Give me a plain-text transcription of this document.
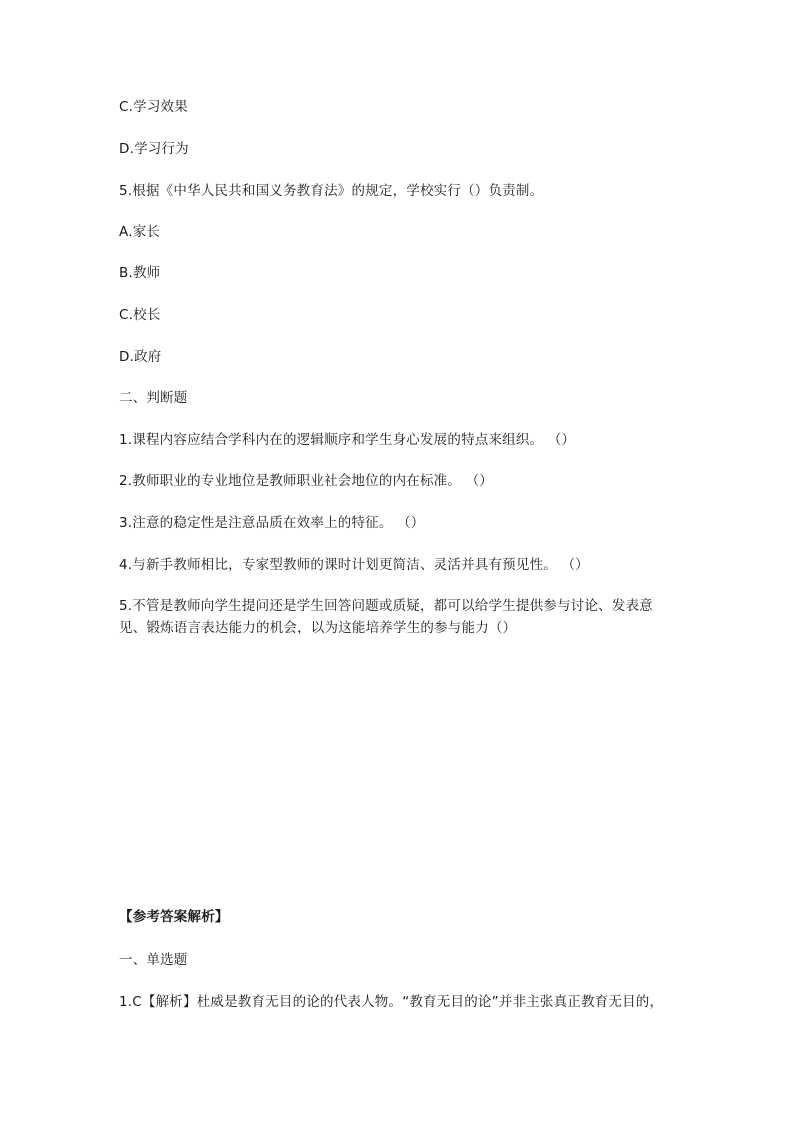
C.学习效果
D.学习行为
5.根据《中华人民共和国义务教育法》的规定，学校实行（）负责制。
A.家长
B.教师
C.校长
D.政府
二、判断题
1.课程内容应结合学科内在的逻辑顺序和学生身心发展的特点来组织。 （）
2.教师职业的专业地位是教师职业社会地位的内在标准。 （）
3.注意的稳定性是注意品质在效率上的特征。 （）
4.与新手教师相比，专家型教师的课时计划更简洁、灵活并具有预见性。 （）
5.不管是教师向学生提问还是学生回答问题或质疑，都可以给学生提供参与讨论、发表意见、锻炼语言表达能力的机会，以为这能培养学生的参与能力（）
【参考答案解析】
一、单选题
1.C【解析】杜威是教育无目的论的代表人物。“教育无目的论”并非主张真正教育无目的，
